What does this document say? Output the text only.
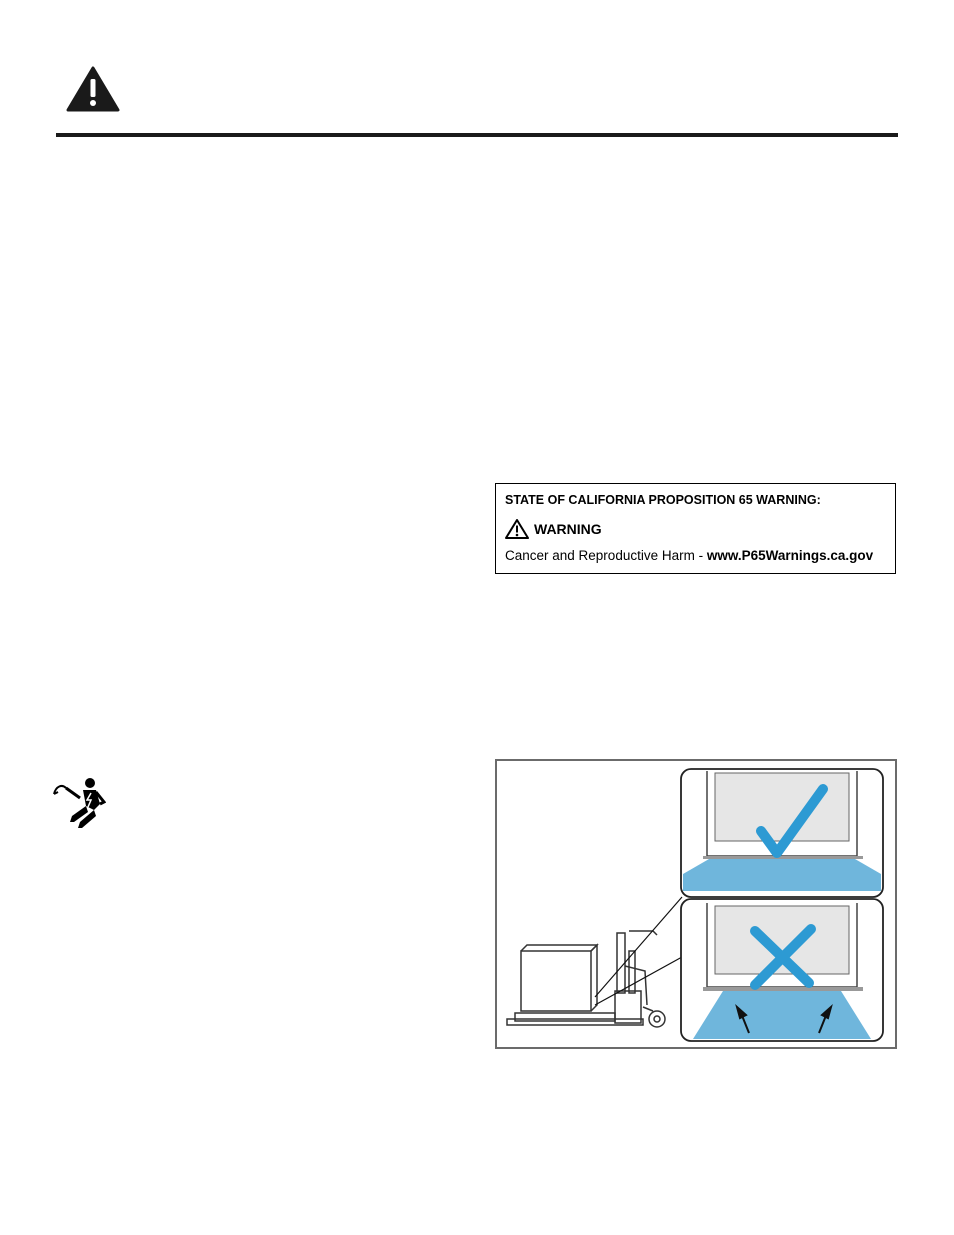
STATE OF CALIFORNIA PROPOSITION 65 WARNING:
WARNING
Cancer and Reproductive Harm - www.P65Warnings.ca.gov
